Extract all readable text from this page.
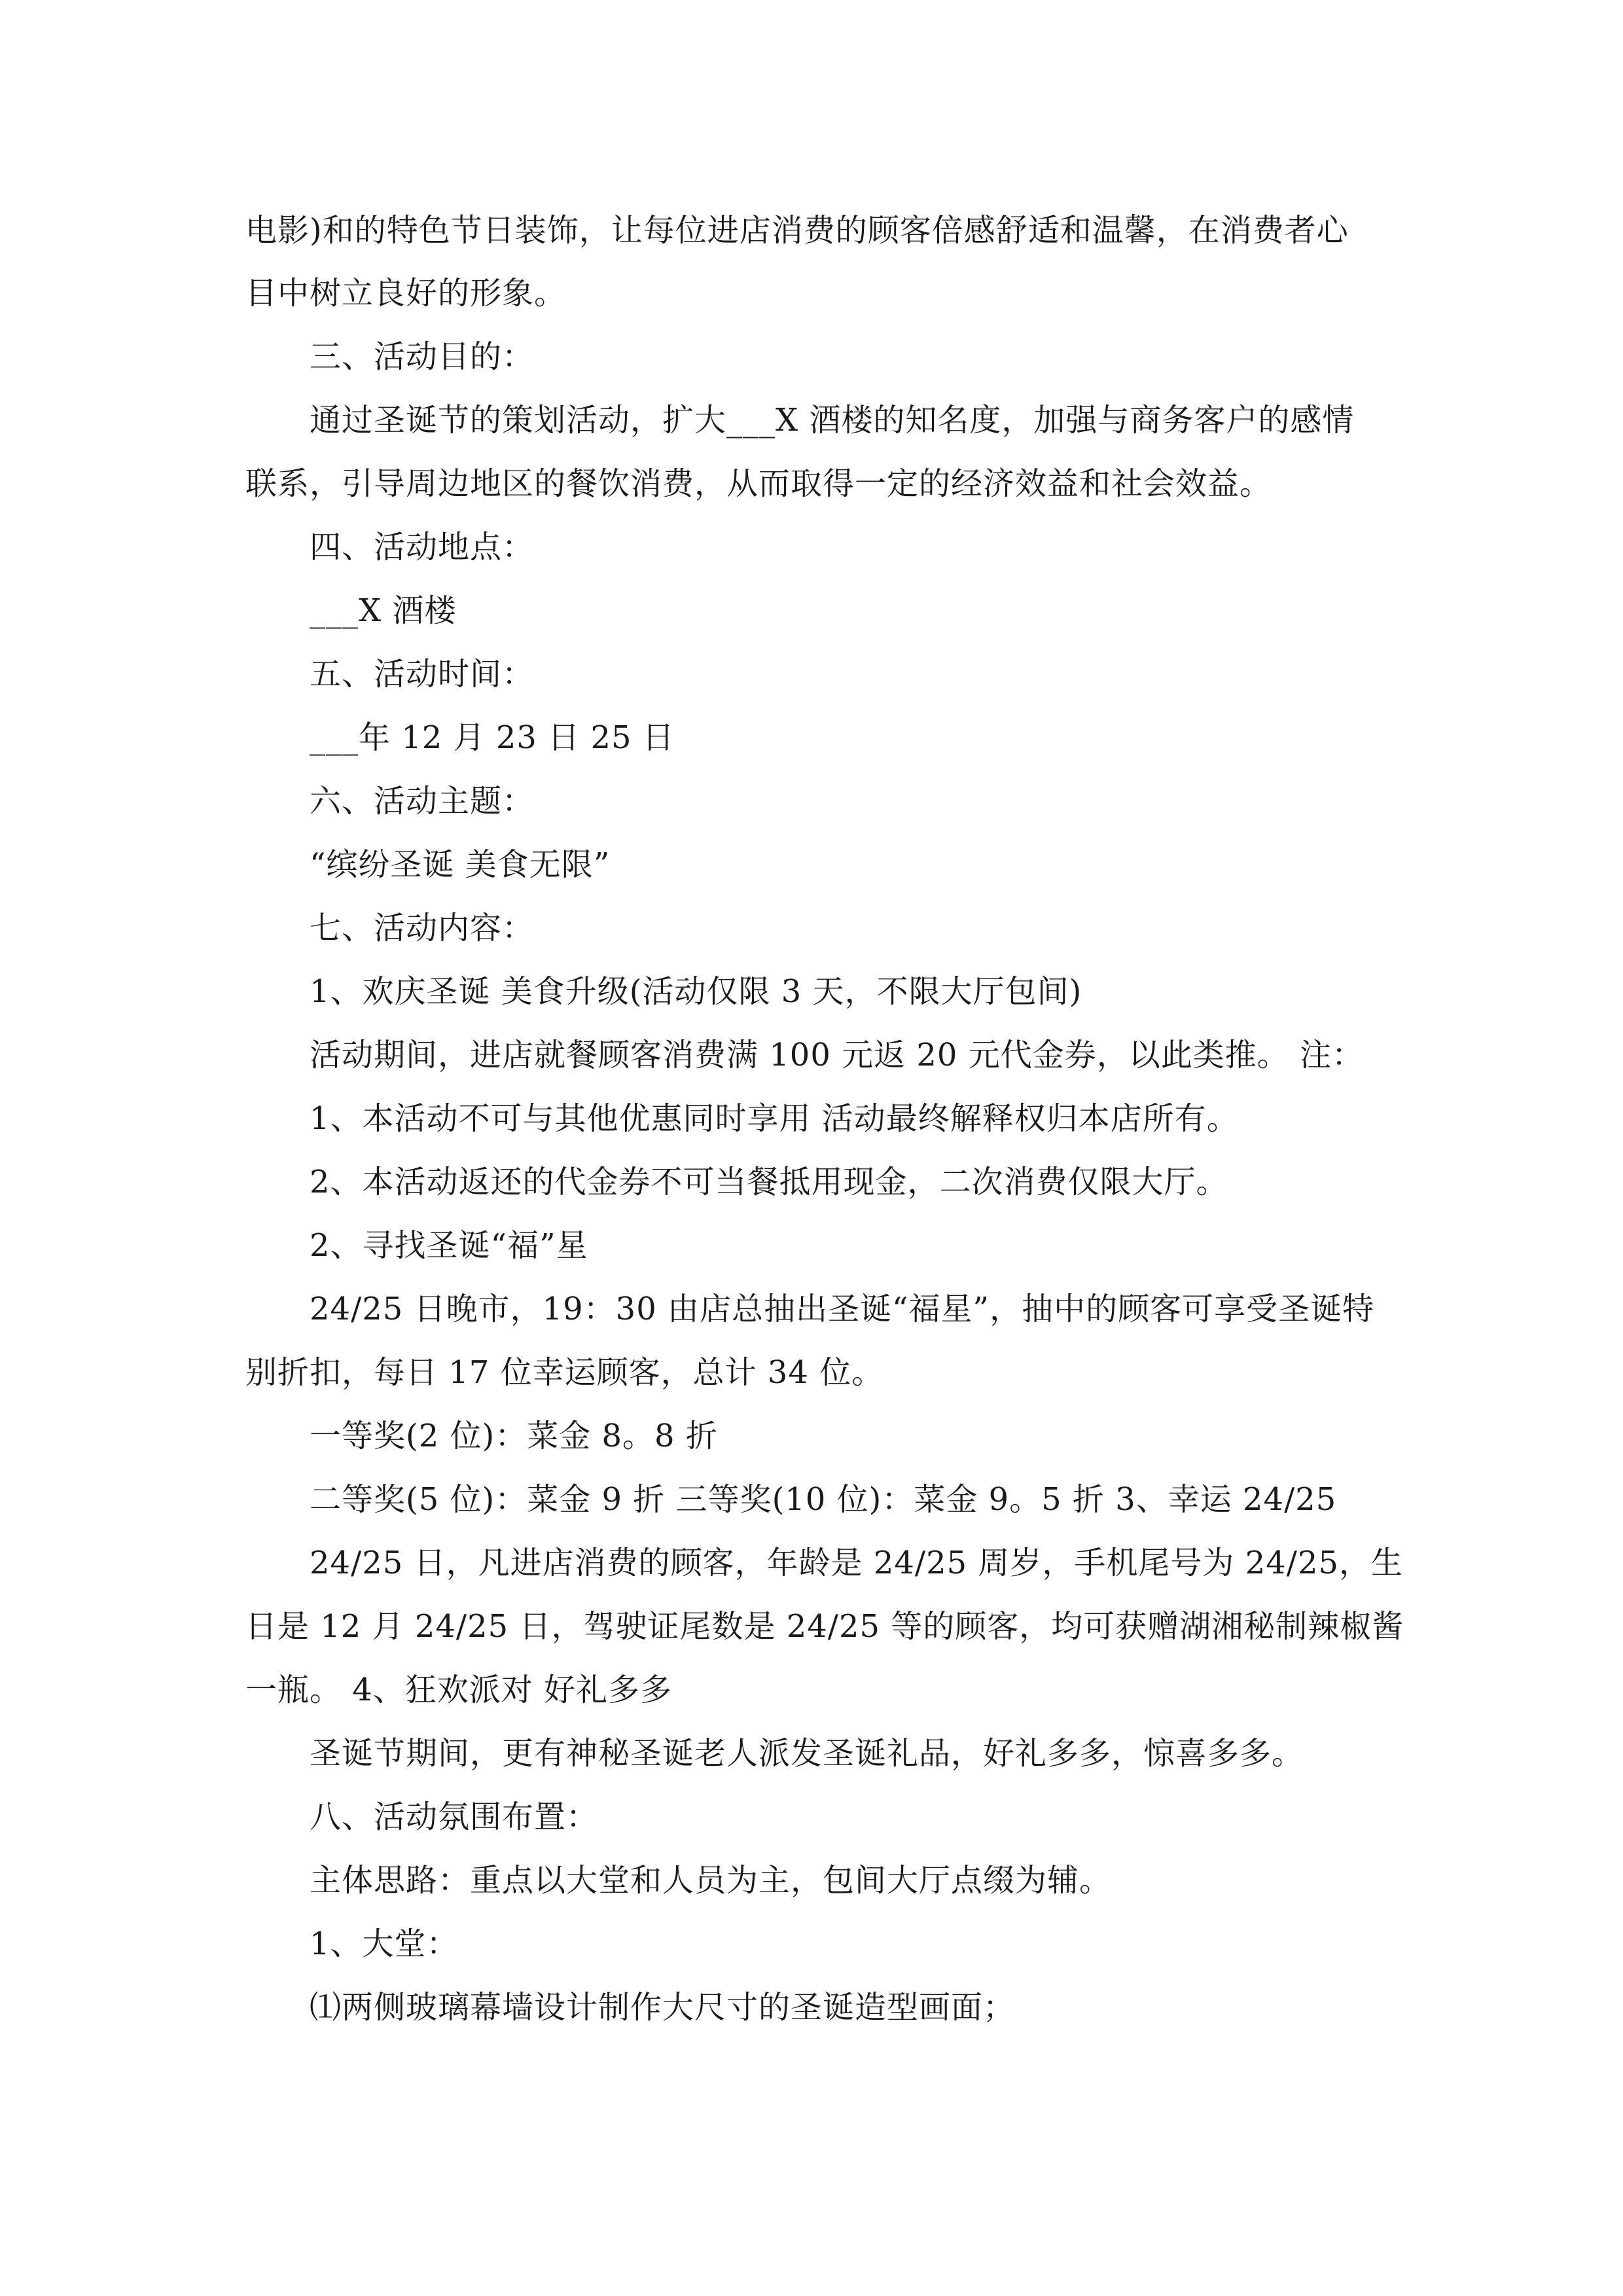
电影)和的特色节日装饰，让每位进店消费的顾客倍感舒适和温馨，在消费者心

目中树立良好的形象。

三、活动目的：

通过圣诞节的策划活动，扩大___X 酒楼的知名度，加强与商务客户的感情

联系，引导周边地区的餐饮消费，从而取得一定的经济效益和社会效益。

四、活动地点：

___X 酒楼

五、活动时间：

___年 12 月 23 日 25 日

六、活动主题：

“缤纷圣诞 美食无限”

七、活动内容：

1、欢庆圣诞 美食升级(活动仅限 3 天，不限大厅包间)

活动期间，进店就餐顾客消费满 100 元返 20 元代金券，以此类推。 注：

1、本活动不可与其他优惠同时享用 活动最终解释权归本店所有。

2、本活动返还的代金券不可当餐抵用现金，二次消费仅限大厅。

2、寻找圣诞“福”星

24/25 日晚市，19：30 由店总抽出圣诞“福星”，抽中的顾客可享受圣诞特

别折扣，每日 17 位幸运顾客，总计 34 位。

一等奖(2 位)：菜金 8。8 折

二等奖(5 位)：菜金 9 折 三等奖(10 位)：菜金 9。5 折 3、幸运 24/25

24/25 日，凡进店消费的顾客，年龄是 24/25 周岁，手机尾号为 24/25，生

日是 12 月 24/25 日，驾驶证尾数是 24/25 等的顾客，均可获赠湖湘秘制辣椒酱

一瓶。 4、狂欢派对 好礼多多

圣诞节期间，更有神秘圣诞老人派发圣诞礼品，好礼多多，惊喜多多。

八、活动氛围布置：

主体思路：重点以大堂和人员为主，包间大厅点缀为辅。

1、大堂：

⑴两侧玻璃幕墙设计制作大尺寸的圣诞造型画面；
